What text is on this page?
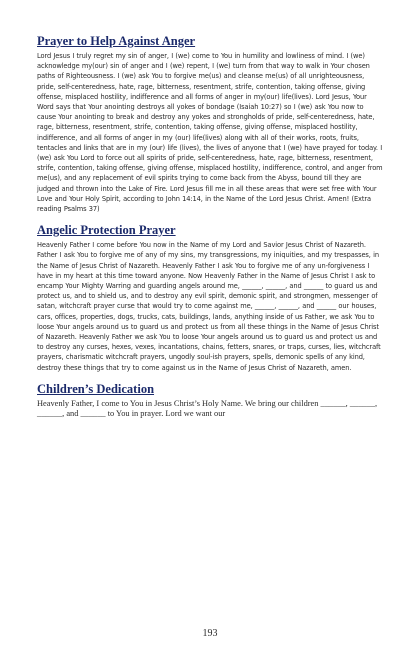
Prayer to Help Against Anger

Lord Jesus I truly regret my sin of anger, I (we) come to You in humility and lowliness of mind. I (we) acknowledge my(our) sin of anger and I (we) repent, I (we) turn from that way to walk in Your chosen paths of Righteousness. I (we) ask You to forgive me(us) and cleanse me(us) of all unrighteousness, pride, self-centeredness, hate, rage, bitterness, resentment, strife, contention, taking offense, giving offense, misplaced hostility, indifference and all forms of anger in my(our) life(lives). Lord Jesus, Your Word says that Your anointing destroys all yokes of bondage (Isaiah 10:27) so I (we) ask You now to cause Your anointing to break and destroy any yokes and strongholds of pride, self-centeredness, hate, rage, bitterness, resentment, strife, contention, taking offense, giving offense, misplaced hostility, indifference, and all forms of anger in my (our) life(lives) along with all of their works, roots, fruits, tentacles and links that are in my (our) life (lives), the lives of anyone that I (we) have prayed for today. I (we) ask You Lord to force out all spirits of pride, self-centeredness, hate, rage, bitterness, resentment, strife, contention, taking offense, giving offense, misplaced hostility, indifference, control, and anger from me(us), and any replacement of evil spirits trying to come back from the Abyss, bound till they are judged and thrown into the Lake of Fire. Lord Jesus fill me in all these areas that were set free with Your Love and Your Holy Spirit, according to John 14:14, in the Name of the Lord Jesus Christ. Amen! (Extra reading Psalms 37)

Angelic Protection Prayer

Heavenly Father I come before You now in the Name of my Lord and Savior Jesus Christ of Nazareth. Father I ask You to forgive me of any of my sins, my transgressions, my iniquities, and my trespasses, in the Name of Jesus Christ of Nazareth. Heavenly Father I ask You to forgive me of any un-forgiveness I have in my heart at this time toward anyone. Now Heavenly Father in the Name of Jesus Christ I ask to encamp Your Mighty Warring and guarding angels around me, ______, ______, and ______ to guard us and protect us, and to shield us, and to destroy any evil spirit, demonic spirit, and strongmen, messenger of satan, witchcraft prayer curse that would try to come against me, ______, ______, and ______ our houses, cars, offices, properties, dogs, trucks, cats, buildings, lands, anything inside of us Father, we ask You to loose Your angels around us to guard us and protect us from all these things in the Name of Jesus Christ of Nazareth. Heavenly Father we ask You to loose Your angels around us to guard us and protect us and to destroy any curses, hexes, vexes, incantations, chains, fetters, snares, or traps, curses, lies, witchcraft prayers, charismatic witchcraft prayers, ungodly soul-ish prayers, spells, demonic spells of any kind, destroy these things that try to come against us in the Name of Jesus Christ of Nazareth, amen.

Children’s Dedication

Heavenly Father, I come to You in Jesus Christ’s Holy Name. We bring our children ______, ______, ______, and ______ to You in prayer. Lord we want our

193
